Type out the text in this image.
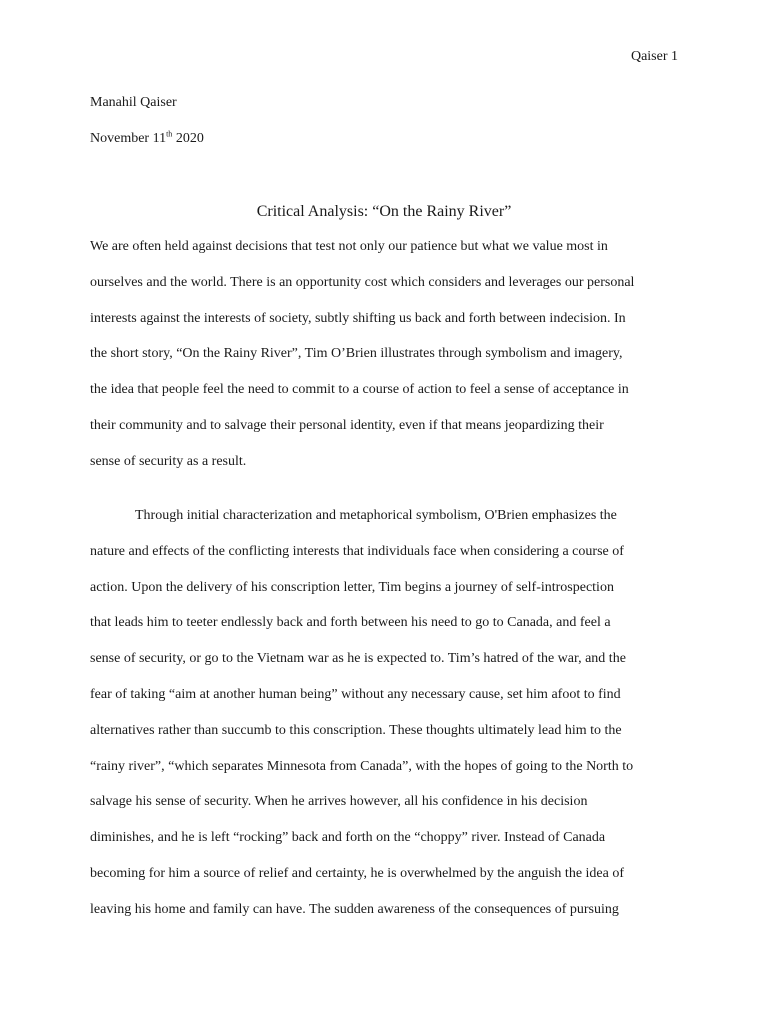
Qaiser 1
Manahil Qaiser
November 11th 2020
Critical Analysis: “On the Rainy River”
We are often held against decisions that test not only our patience but what we value most in
ourselves and the world. There is an opportunity cost which considers and leverages our personal
interests against the interests of society, subtly shifting us back and forth between indecision. In
the short story, “On the Rainy River”, Tim O’Brien illustrates through symbolism and imagery,
the idea that people feel the need to commit to a course of action to feel a sense of acceptance in
their community and to salvage their personal identity, even if that means jeopardizing their
sense of security as a result.
Through initial characterization and metaphorical symbolism, O'Brien emphasizes the
nature and effects of the conflicting interests that individuals face when considering a course of
action. Upon the delivery of his conscription letter, Tim begins a journey of self-introspection
that leads him to teeter endlessly back and forth between his need to go to Canada, and feel a
sense of security, or go to the Vietnam war as he is expected to. Tim’s hatred of the war, and the
fear of taking “aim at another human being” without any necessary cause, set him afoot to find
alternatives rather than succumb to this conscription. These thoughts ultimately lead him to the
“rainy river”, “which separates Minnesota from Canada”, with the hopes of going to the North to
salvage his sense of security. When he arrives however, all his confidence in his decision
diminishes, and he is left “rocking” back and forth on the “choppy” river. Instead of Canada
becoming for him a source of relief and certainty, he is overwhelmed by the anguish the idea of
leaving his home and family can have. The sudden awareness of the consequences of pursuing
